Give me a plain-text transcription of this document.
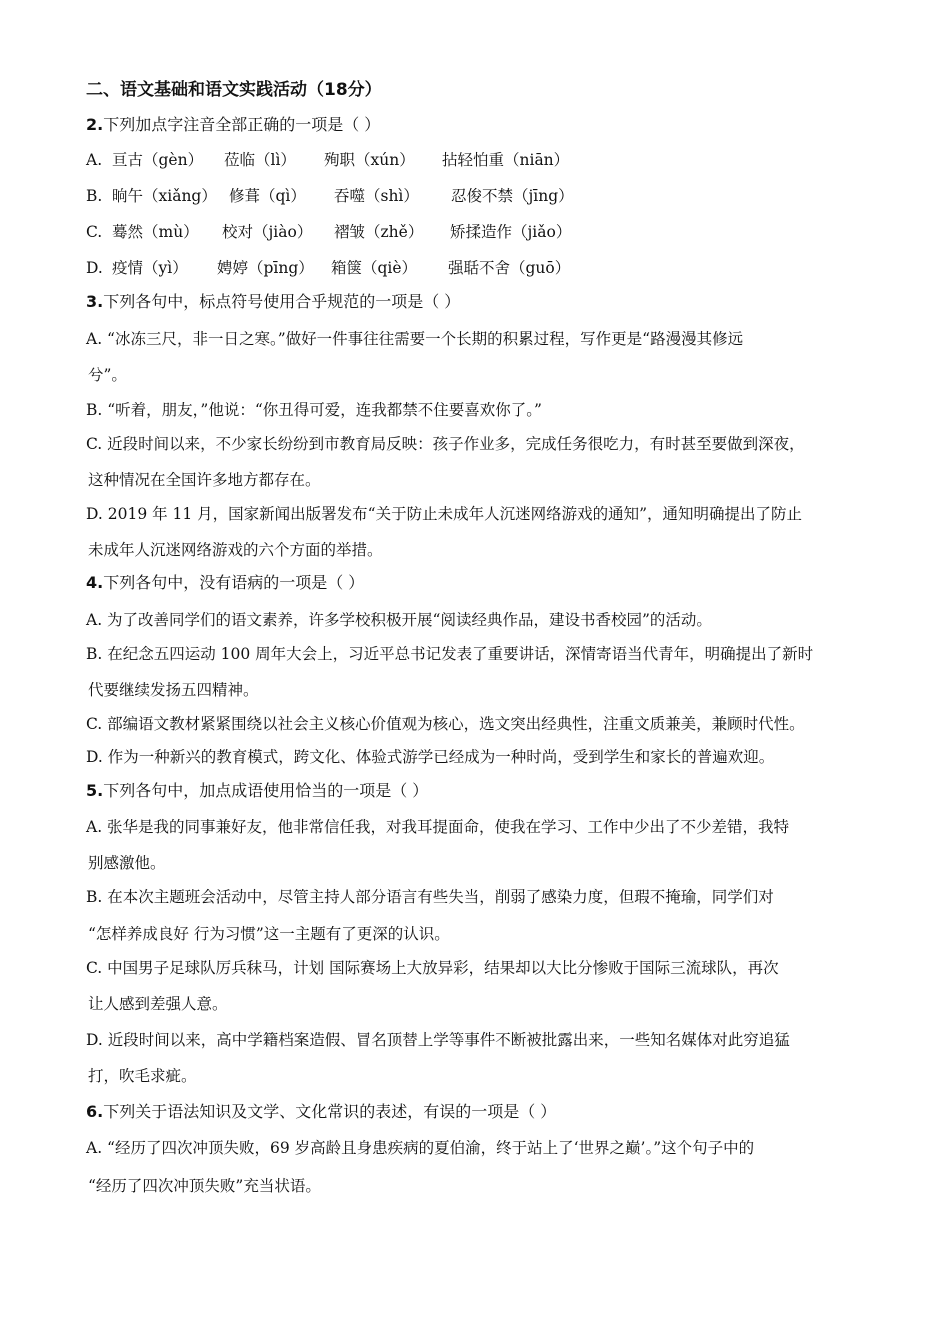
二、语文基础和语文实践活动（18分）
2.下列加点字注音全部正确的一项是（ ）
A. 亘古（gèn） 莅临（lì） 殉职（xún） 拈轻怕重（niān）
B. 晌午（xiǎng） 修葺（qì） 吞噬（shì） 忍俊不禁（jīng）
C. 蓦然（mù） 校对（jiào） 褶皱（zhě） 矫揉造作（jiǎo）
D. 疫情（yì） 娉婷（pīng） 箱箧（qiè） 强聒不舍（guō）
3.下列各句中，标点符号使用合乎规范的一项是（ ）
A. “冰冻三尺，非一日之寒。”做好一件事往往需要一个长期的积累过程，写作更是“路漫漫其修远
兮”。
B. “听着，朋友，”他说：“你丑得可爱，连我都禁不住要喜欢你了。”
C. 近段时间以来，不少家长纷纷到市教育局反映：孩子作业多，完成任务很吃力，有时甚至要做到深夜，
这种情况在全国许多地方都存在。
D. 2019 年 11 月，国家新闻出版署发布“关于防止未成年人沉迷网络游戏的通知”，通知明确提出了防止
未成年人沉迷网络游戏的六个方面的举措。
4.下列各句中，没有语病的一项是（ ）
A. 为了改善同学们的语文素养，许多学校积极开展“阅读经典作品，建设书香校园”的活动。
B. 在纪念五四运动 100 周年大会上，习近平总书记发表了重要讲话，深情寄语当代青年，明确提出了新时
代要继续发扬五四精神。
C. 部编语文教材紧紧围绕以社会主义核心价值观为核心，选文突出经典性，注重文质兼美，兼顾时代性。
D. 作为一种新兴的教育模式，跨文化、体验式游学已经成为一种时尚，受到学生和家长的普遍欢迎。
5.下列各句中，加点成语使用恰当的一项是（ ）
A. 张华是我的同事兼好友，他非常信任我，对我耳提面命，使我在学习、工作中少出了不少差错，我特
别感激他。
B. 在本次主题班会活动中，尽管主持人部分语言有些失当，削弱了感染力度，但瑕不掩瑜，同学们对
“怎样养成良好 行为习惯”这一主题有了更深的认识。
C. 中国男子足球队厉兵秣马，计划 国际赛场上大放异彩，结果却以大比分惨败于国际三流球队，再次
让人感到差强人意。
D. 近段时间以来，高中学籍档案造假、冒名顶替上学等事件不断被批露出来，一些知名媒体对此穷追猛
打，吹毛求疵。
6.下列关于语法知识及文学、文化常识的表述，有误的一项是（ ）
A. “经历了四次冲顶失败，69 岁高龄且身患疾病的夏伯渝，终于站上了‘世界之巅’。”这个句子中的
“经历了四次冲顶失败”充当状语。
